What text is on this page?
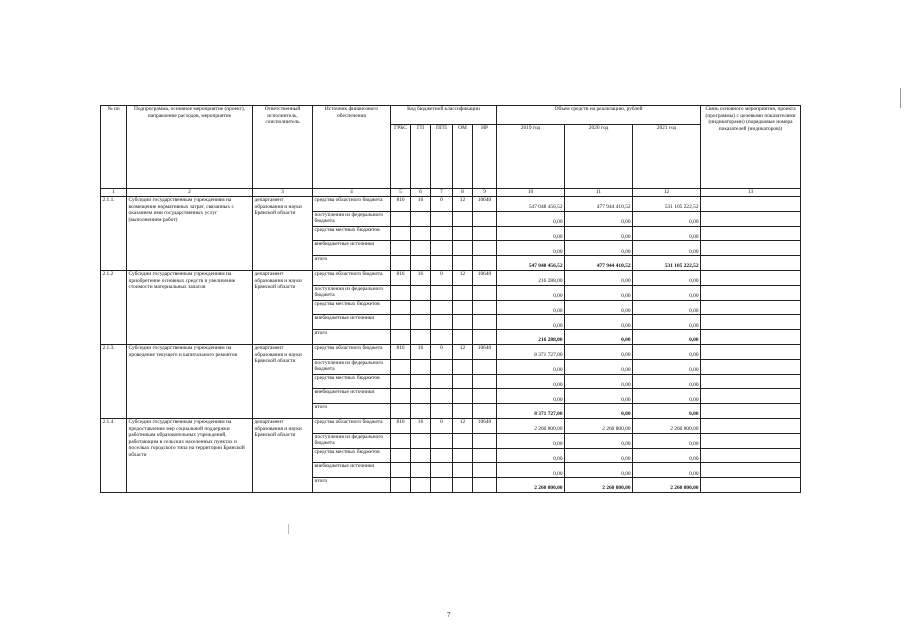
№ пп	Подпрограмма, основное мероприятие (проект), направление расходов, мероприятие	Ответственный исполнитель, соисполнитель	Источник финансового обеспечения	Код бюджетной классификации					Объем средств на реализацию, рублей			Связь основного мероприятия, проекта (программы) с целевыми показателями (индикаторами) (порядковые номера показателей (индикаторов))
				ГРБС	ГП	ПГП	ОМ	НР	2019 год	2020 год	2021 год	
1	2	3	4	5	6	7	8	9	10	11	12	13
2.1.1.	Субсидии государственным учреждениям на возмещение нормативных затрат, связанных с оказанием ими государственных услуг (выполнением работ)	департамент образования и науки Брянской области	средства областного бюджета	816	16	0	12	10640	547 048 456,52	477 944 410,52	531 105 222,52	
			поступления из федерального бюджета						0,00	0,00	0,00	
			средства местных бюджетов						0,00	0,00	0,00	
			внебюджетные источники						0,00	0,00	0,00	
			итого						547 048 456,52	477 944 410,52	531 105 222,52	
2.1.2	Субсидии государственным учреждениям на приобретение основных средств и увеличение стоимости материальных запасов	департамент образования и науки Брянской области	средства областного бюджета	816	16	0	12	10640	216 288,00	0,00	0,00	
			поступления из федерального бюджета						0,00	0,00	0,00	
			средства местных бюджетов						0,00	0,00	0,00	
			внебюджетные источники						0,00	0,00	0,00	
			итого						216 288,00	0,00	0,00	
2.1.3.	Субсидии государственным учреждениям на проведение текущего и капитального ремонтов	департамент образования и науки Брянской области	средства областного бюджета	816	16	0	12	10640	8 371 727,00	0,00	0,00	
			поступления из федерального бюджета						0,00	0,00	0,00	
			средства местных бюджетов						0,00	0,00	0,00	
			внебюджетные источники						0,00	0,00	0,00	
			итого						8 371 727,00	0,00	0,00	
2.1.4	Субсидии государственным учреждениям на предоставление мер социальной поддержки работникам образовательных учреждений, работающим в сельских населенных пунктах и поселках городского типа на территории Брянской области	департамент образования и науки Брянской области	средства областного бюджета	816	16	0	12	10640	2 260 800,00	2 260 800,00	2 260 800,00	
			поступления из федерального бюджета						0,00	0,00	0,00	
			средства местных бюджетов						0,00	0,00	0,00	
			внебюджетные источники						0,00	0,00	0,00	
			итого						2 260 800,00	2 260 800,00	2 260 800,00	
7
